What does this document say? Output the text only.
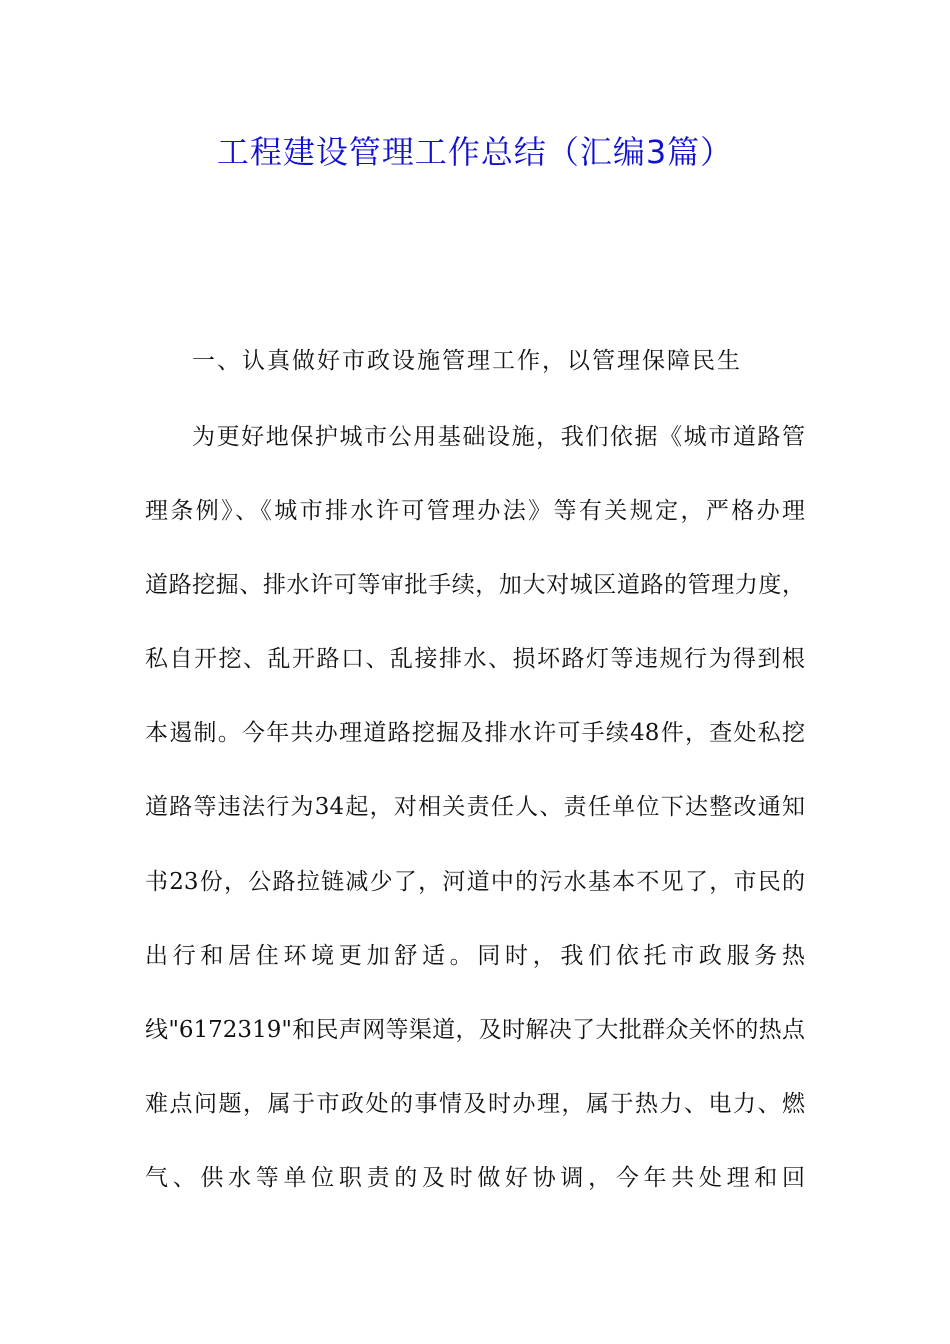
工程建设管理工作总结（汇编3篇）
一、认真做好市政设施管理工作，以管理保障民生
为更好地保护城市公用基础设施，我们依据《城市道路管
理条例》、《城市排水许可管理办法》等有关规定，严格办理
道路挖掘、排水许可等审批手续，加大对城区道路的管理力度，
私自开挖、乱开路口、乱接排水、损坏路灯等违规行为得到根
本遏制。今年共办理道路挖掘及排水许可手续48件，查处私挖
道路等违法行为34起，对相关责任人、责任单位下达整改通知
书23份，公路拉链减少了，河道中的污水基本不见了，市民的
出行和居住环境更加舒适。同时，我们依托市政服务热
线"6172319"和民声网等渠道，及时解决了大批群众关怀的热点
难点问题，属于市政处的事情及时办理，属于热力、电力、燃
气、供水等单位职责的及时做好协调，今年共处理和回
